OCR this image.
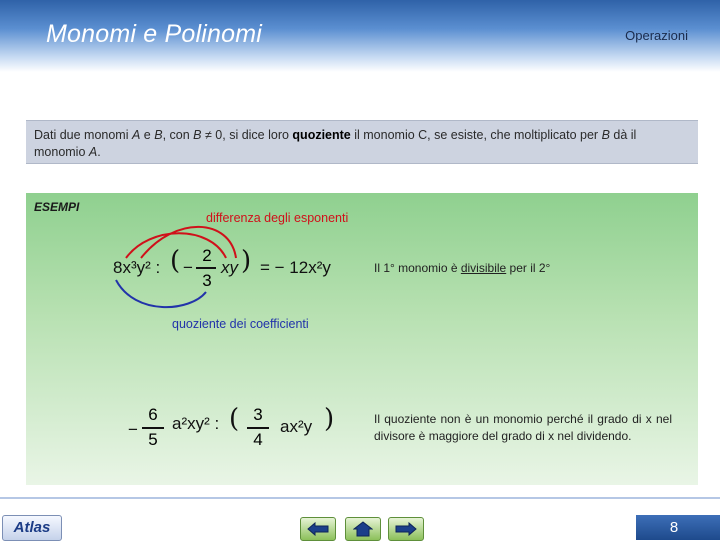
Monomi e Polinomi	Operazioni
Dati due monomi A e B, con B ≠ 0, si dice loro quoziente il monomio C, se esiste, che moltiplicato per B dà il monomio A.
ESEMPI
differenza degli esponenti
8x³y² : ( −
2
3
xy ) = − 12x²y	Il 1° monomio è divisibile per il 2°
quoziente dei coefficienti
−
6
5
a²xy² : ( 3
4
ax²y )	Il quoziente non è un monomio perché il grado di x nel divisore è maggiore del grado di x nel dividendo.
Atlas	8
